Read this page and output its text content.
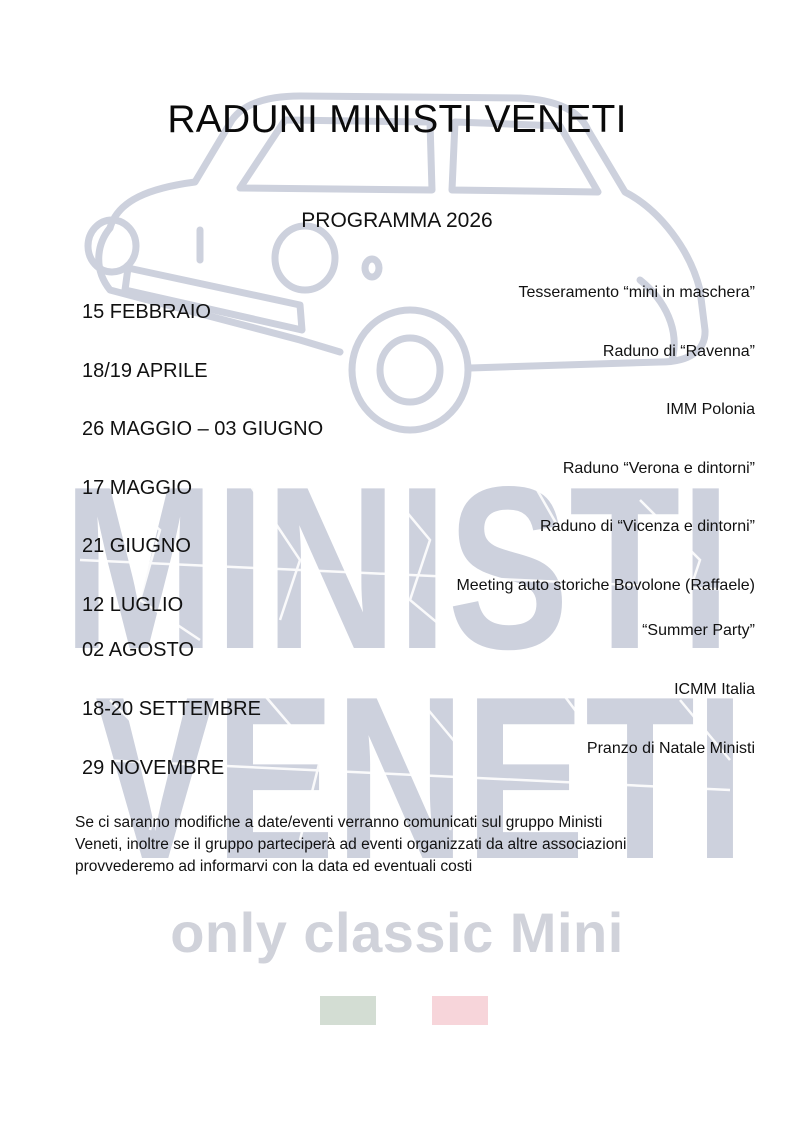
MINISTI
VENETI
RADUNI MINISTI VENETI
PROGRAMMA 2026
15 FEBBRAIO
Tesseramento “mini in maschera”
18/19 APRILE
Raduno di “Ravenna”
26 MAGGIO – 03 GIUGNO
IMM Polonia
17 MAGGIO
Raduno “Verona e dintorni”
21 GIUGNO
Raduno di “Vicenza e dintorni”
12 LUGLIO
Meeting auto storiche Bovolone (Raffaele)
02 AGOSTO
“Summer Party”
18-20 SETTEMBRE
ICMM Italia
29 NOVEMBRE
Pranzo di Natale Ministi
Se ci saranno modifiche a date/eventi verranno comunicati sul gruppo Ministi
Veneti, inoltre se il gruppo parteciperà ad eventi organizzati da altre associazioni
provvederemo ad informarvi con la data ed eventuali costi
only classic Mini
